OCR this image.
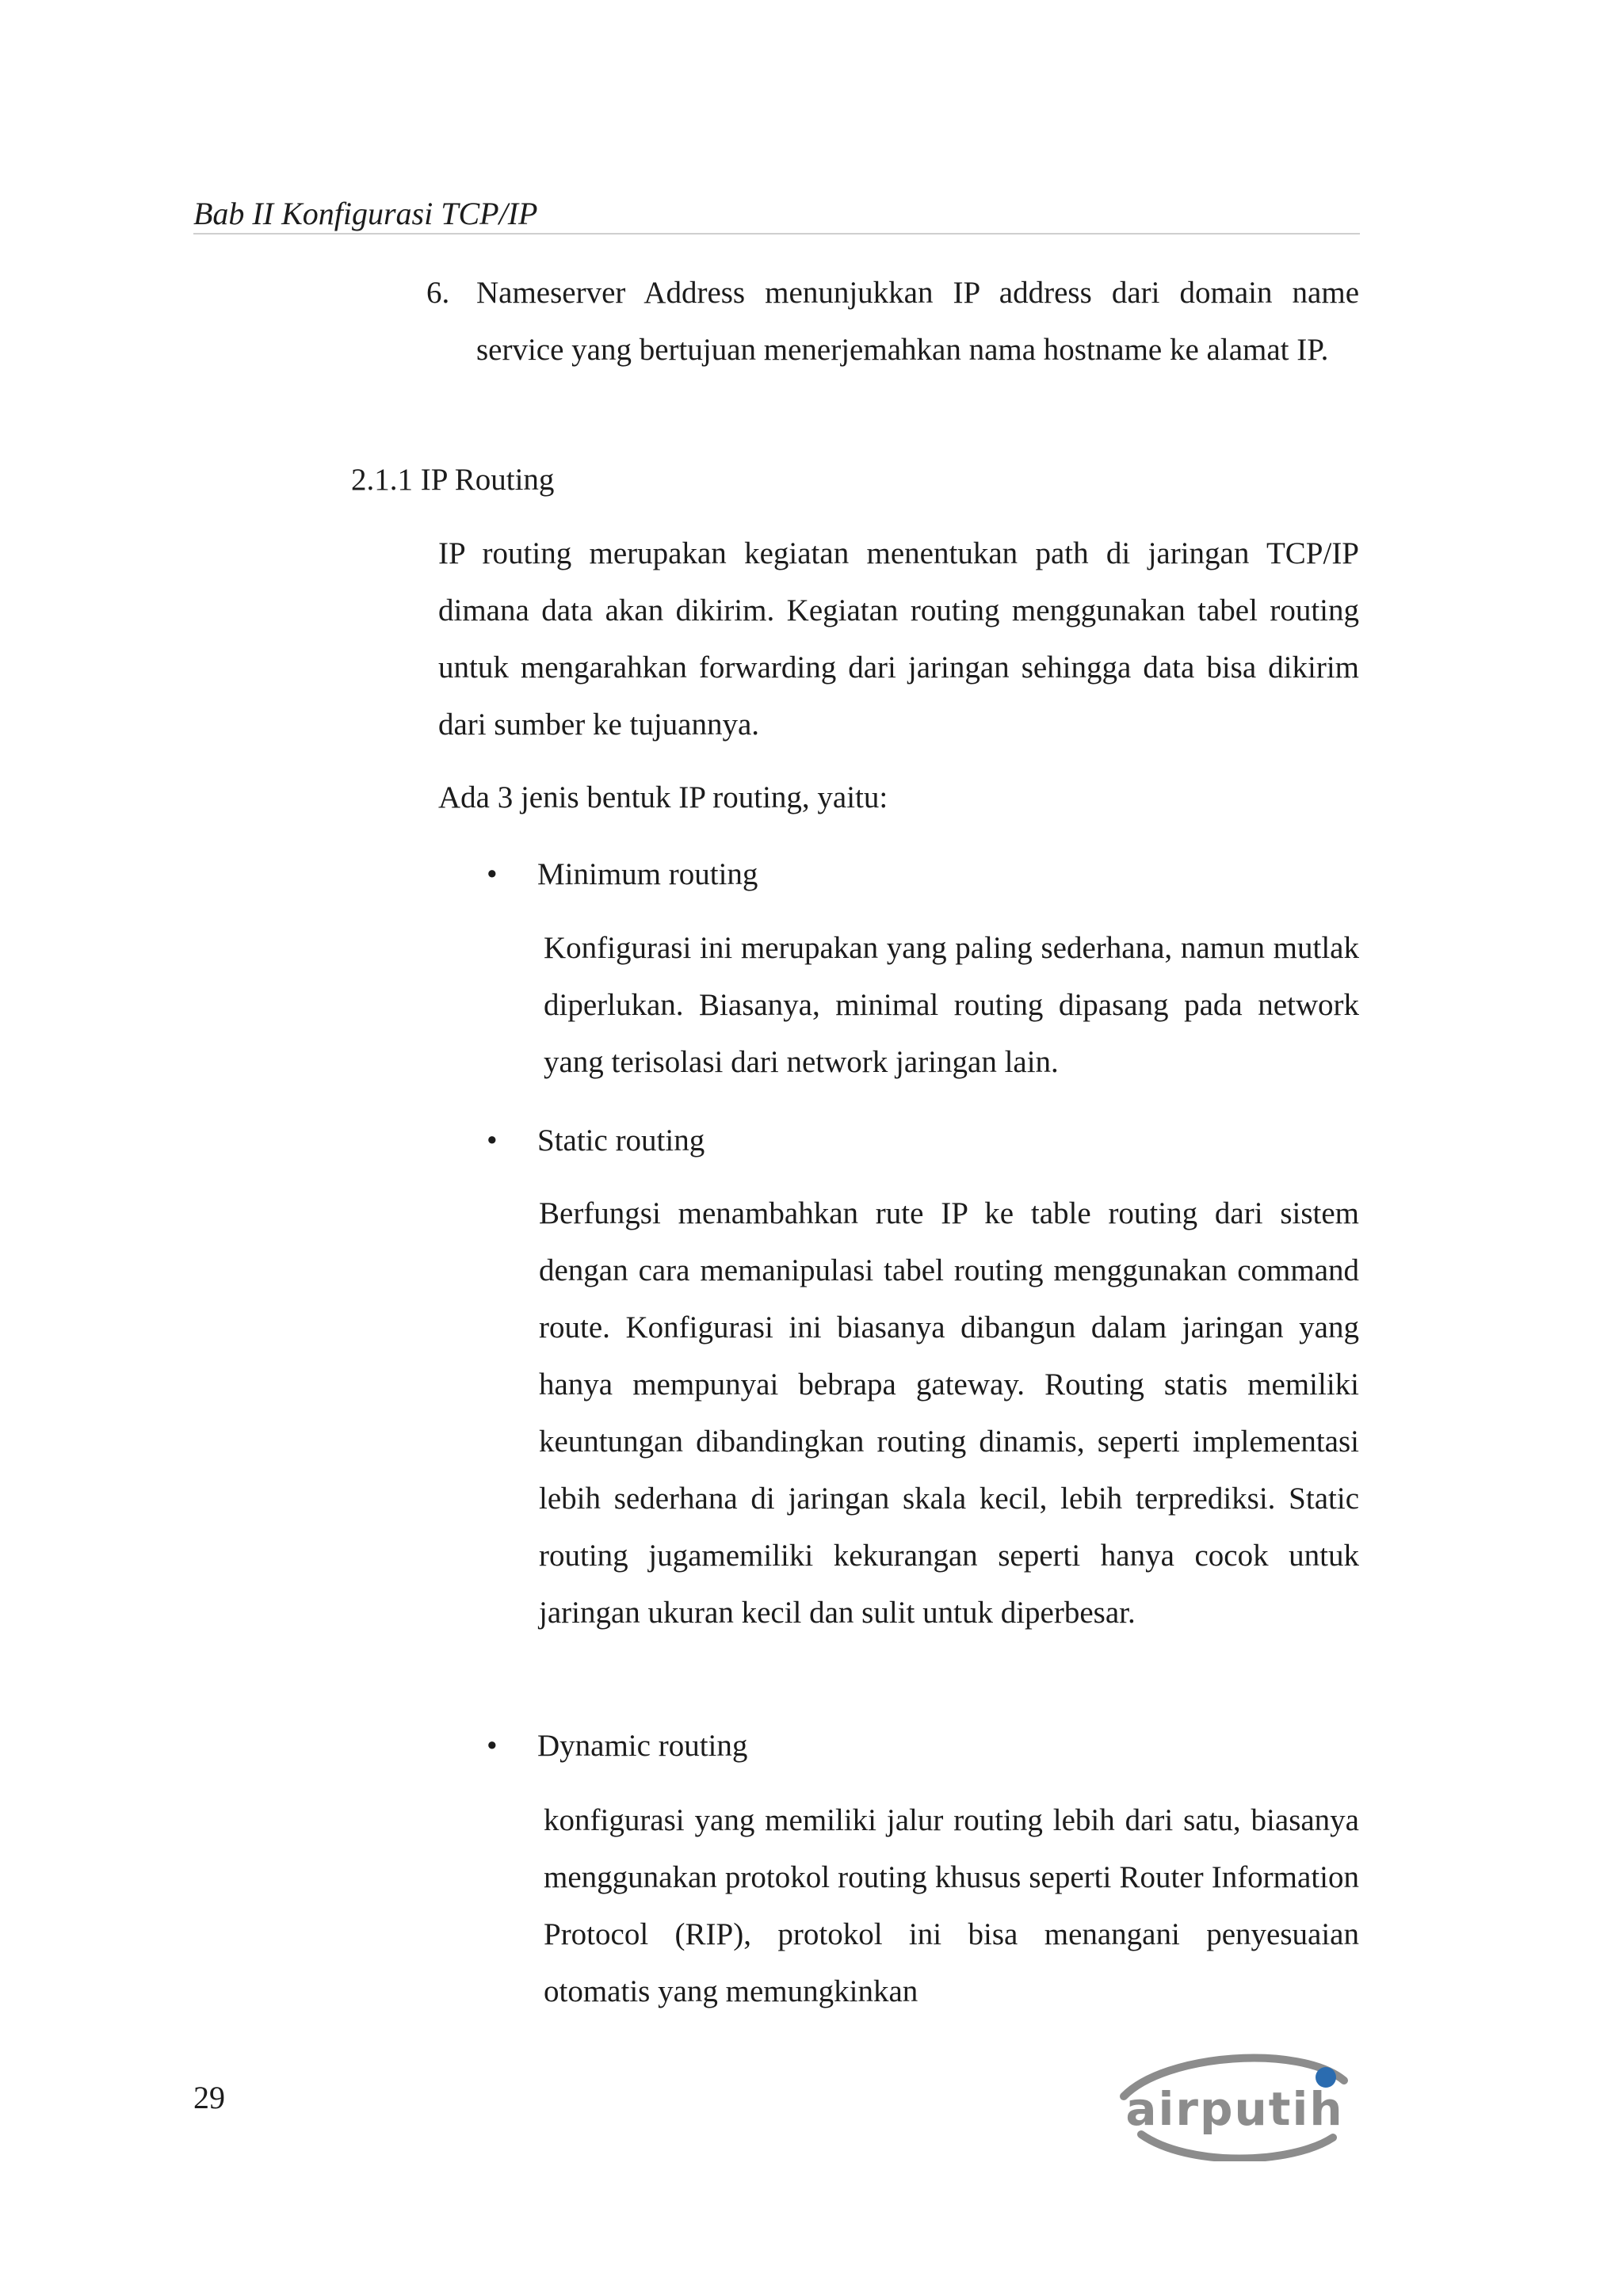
Bab II Konfigurasi TCP/IP
6. Nameserver Address menunjukkan IP address dari domain name service yang bertujuan menerjemahkan nama hostname ke alamat IP.

2.1.1 IP Routing

IP routing merupakan kegiatan menentukan path di jaringan TCP/IP dimana data akan dikirim. Kegiatan routing menggunakan tabel routing untuk mengarahkan forwarding dari jaringan sehingga data bisa dikirim dari sumber ke tujuannya.

Ada 3 jenis bentuk IP routing, yaitu:
• Minimum routing

Konfigurasi ini merupakan yang paling sederhana, namun mutlak diperlukan. Biasanya, minimal routing dipasang pada network yang terisolasi dari network jaringan lain.

• Static routing

Berfungsi menambahkan rute IP ke table routing dari sistem dengan cara memanipulasi tabel routing menggunakan command route. Konfigurasi ini biasanya dibangun dalam jaringan yang hanya mempunyai bebrapa gateway. Routing statis memiliki keuntungan dibandingkan routing dinamis, seperti implementasi lebih sederhana di jaringan skala kecil, lebih terprediksi. Static routing jugamemiliki kekurangan seperti hanya cocok untuk jaringan ukuran kecil dan sulit untuk diperbesar.

• Dynamic routing

konfigurasi yang memiliki jalur routing lebih dari satu, biasanya menggunakan protokol routing khusus seperti Router Information Protocol (RIP), protokol ini bisa menangani penyesuaian otomatis yang memungkinkan

29	airputih
